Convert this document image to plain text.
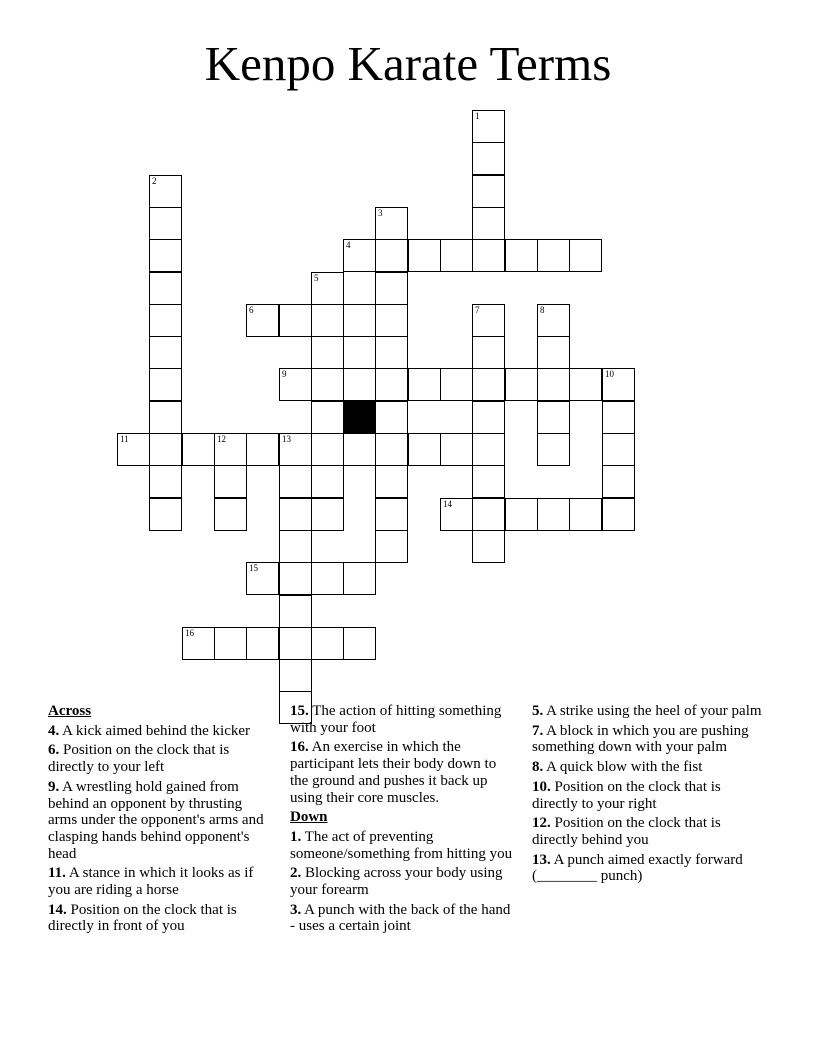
Kenpo Karate Terms
1
2
3
4
5
6	7	8
9	10
11	12	13
14
15
16
Across
4. A kick aimed behind the kicker
6. Position on the clock that is directly to your left
9. A wrestling hold gained from behind an opponent by thrusting arms under the opponent's arms and clasping hands behind opponent's head
11. A stance in which it looks as if you are riding a horse
14. Position on the clock that is directly in front of you
15. The action of hitting something with your foot
16. An exercise in which the participant lets their body down to the ground and pushes it back up using their core muscles.
Down
1. The act of preventing someone/something from hitting you
2. Blocking across your body using your forearm
3. A punch with the back of the hand - uses a certain joint
5. A strike using the heel of your palm
7. A block in which you are pushing something down with your palm
8. A quick blow with the fist
10. Position on the clock that is directly to your right
12. Position on the clock that is directly behind you
13. A punch aimed exactly forward (________ punch)
